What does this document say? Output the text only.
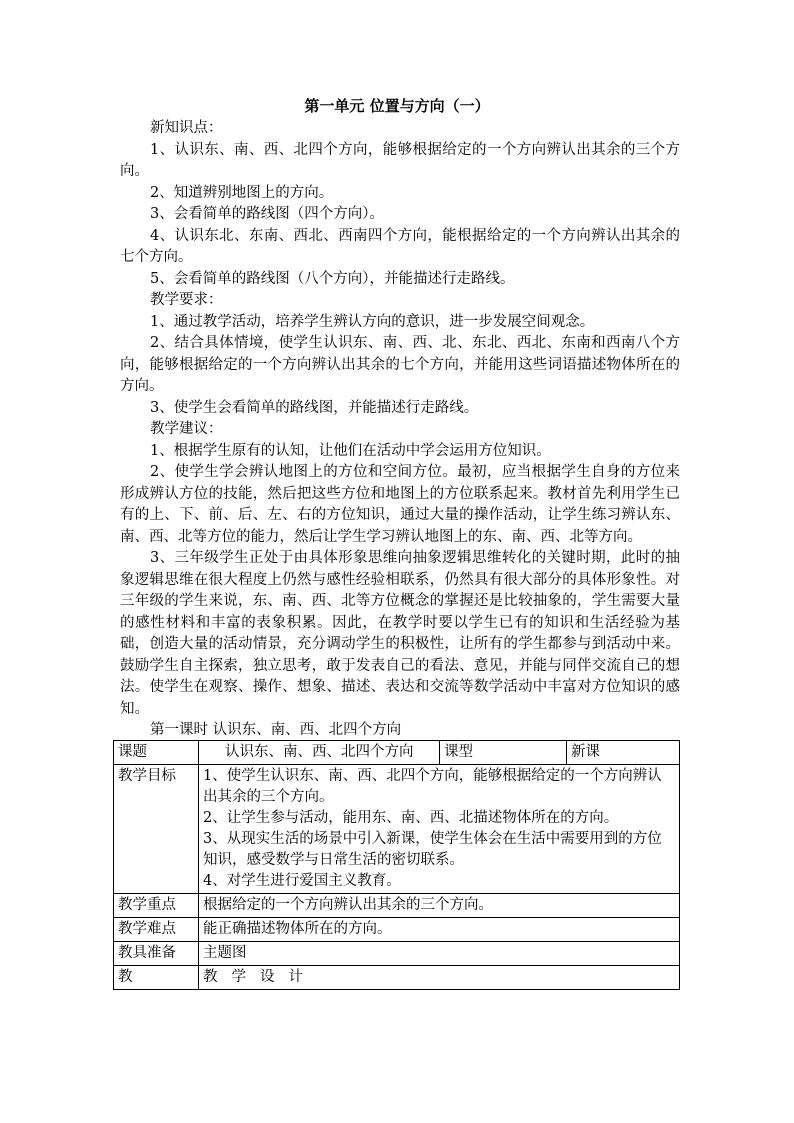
第一单元 位置与方向（一）

新知识点：

1、认识东、南、西、北四个方向，能够根据给定的一个方向辨认出其余的三个方向。

2、知道辨别地图上的方向。

3、会看简单的路线图（四个方向）。

4、认识东北、东南、西北、西南四个方向，能根据给定的一个方向辨认出其余的七个方向。

5、会看简单的路线图（八个方向），并能描述行走路线。

教学要求：

1、通过教学活动，培养学生辨认方向的意识，进一步发展空间观念。

2、结合具体情境，使学生认识东、南、西、北、东北、西北、东南和西南八个方向，能够根据给定的一个方向辨认出其余的七个方向，并能用这些词语描述物体所在的方向。

3、使学生会看简单的路线图，并能描述行走路线。

教学建议：

1、根据学生原有的认知，让他们在活动中学会运用方位知识。

2、使学生学会辨认地图上的方位和空间方位。最初，应当根据学生自身的方位来形成辨认方位的技能，然后把这些方位和地图上的方位联系起来。教材首先利用学生已有的上、下、前、后、左、右的方位知识，通过大量的操作活动，让学生练习辨认东、南、西、北等方位的能力，然后让学生学习辨认地图上的东、南、西、北等方向。

3、三年级学生正处于由具体形象思维向抽象逻辑思维转化的关键时期，此时的抽象逻辑思维在很大程度上仍然与感性经验相联系，仍然具有很大部分的具体形象性。对三年级的学生来说，东、南、西、北等方位概念的掌握还是比较抽象的，学生需要大量的感性材料和丰富的表象积累。因此，在教学时要以学生已有的知识和生活经验为基础，创造大量的活动情景，充分调动学生的积极性，让所有的学生都参与到活动中来。鼓励学生自主探索，独立思考，敢于发表自己的看法、意见，并能与同伴交流自己的想法。使学生在观察、操作、想象、描述、表达和交流等数学活动中丰富对方位知识的感知。

第一课时 认识东、南、西、北四个方向

课题	认识东、南、西、北四个方向	课型	新课
教学目标	1、使学生认识东、南、西、北四个方向，能够根据给定的一个方向辨认出其余的三个方向。

2、让学生参与活动，能用东、南、西、北描述物体所在的方向。

3、从现实生活的场景中引入新课，使学生体会在生活中需要用到的方位知识，感受数学与日常生活的密切联系。

4、对学生进行爱国主义教育。		

教学重点	根据给定的一个方向辨认出其余的三个方向。		
教学难点	能正确描述物体所在的方向。		
教具准备	主题图		
教	教学设计		
